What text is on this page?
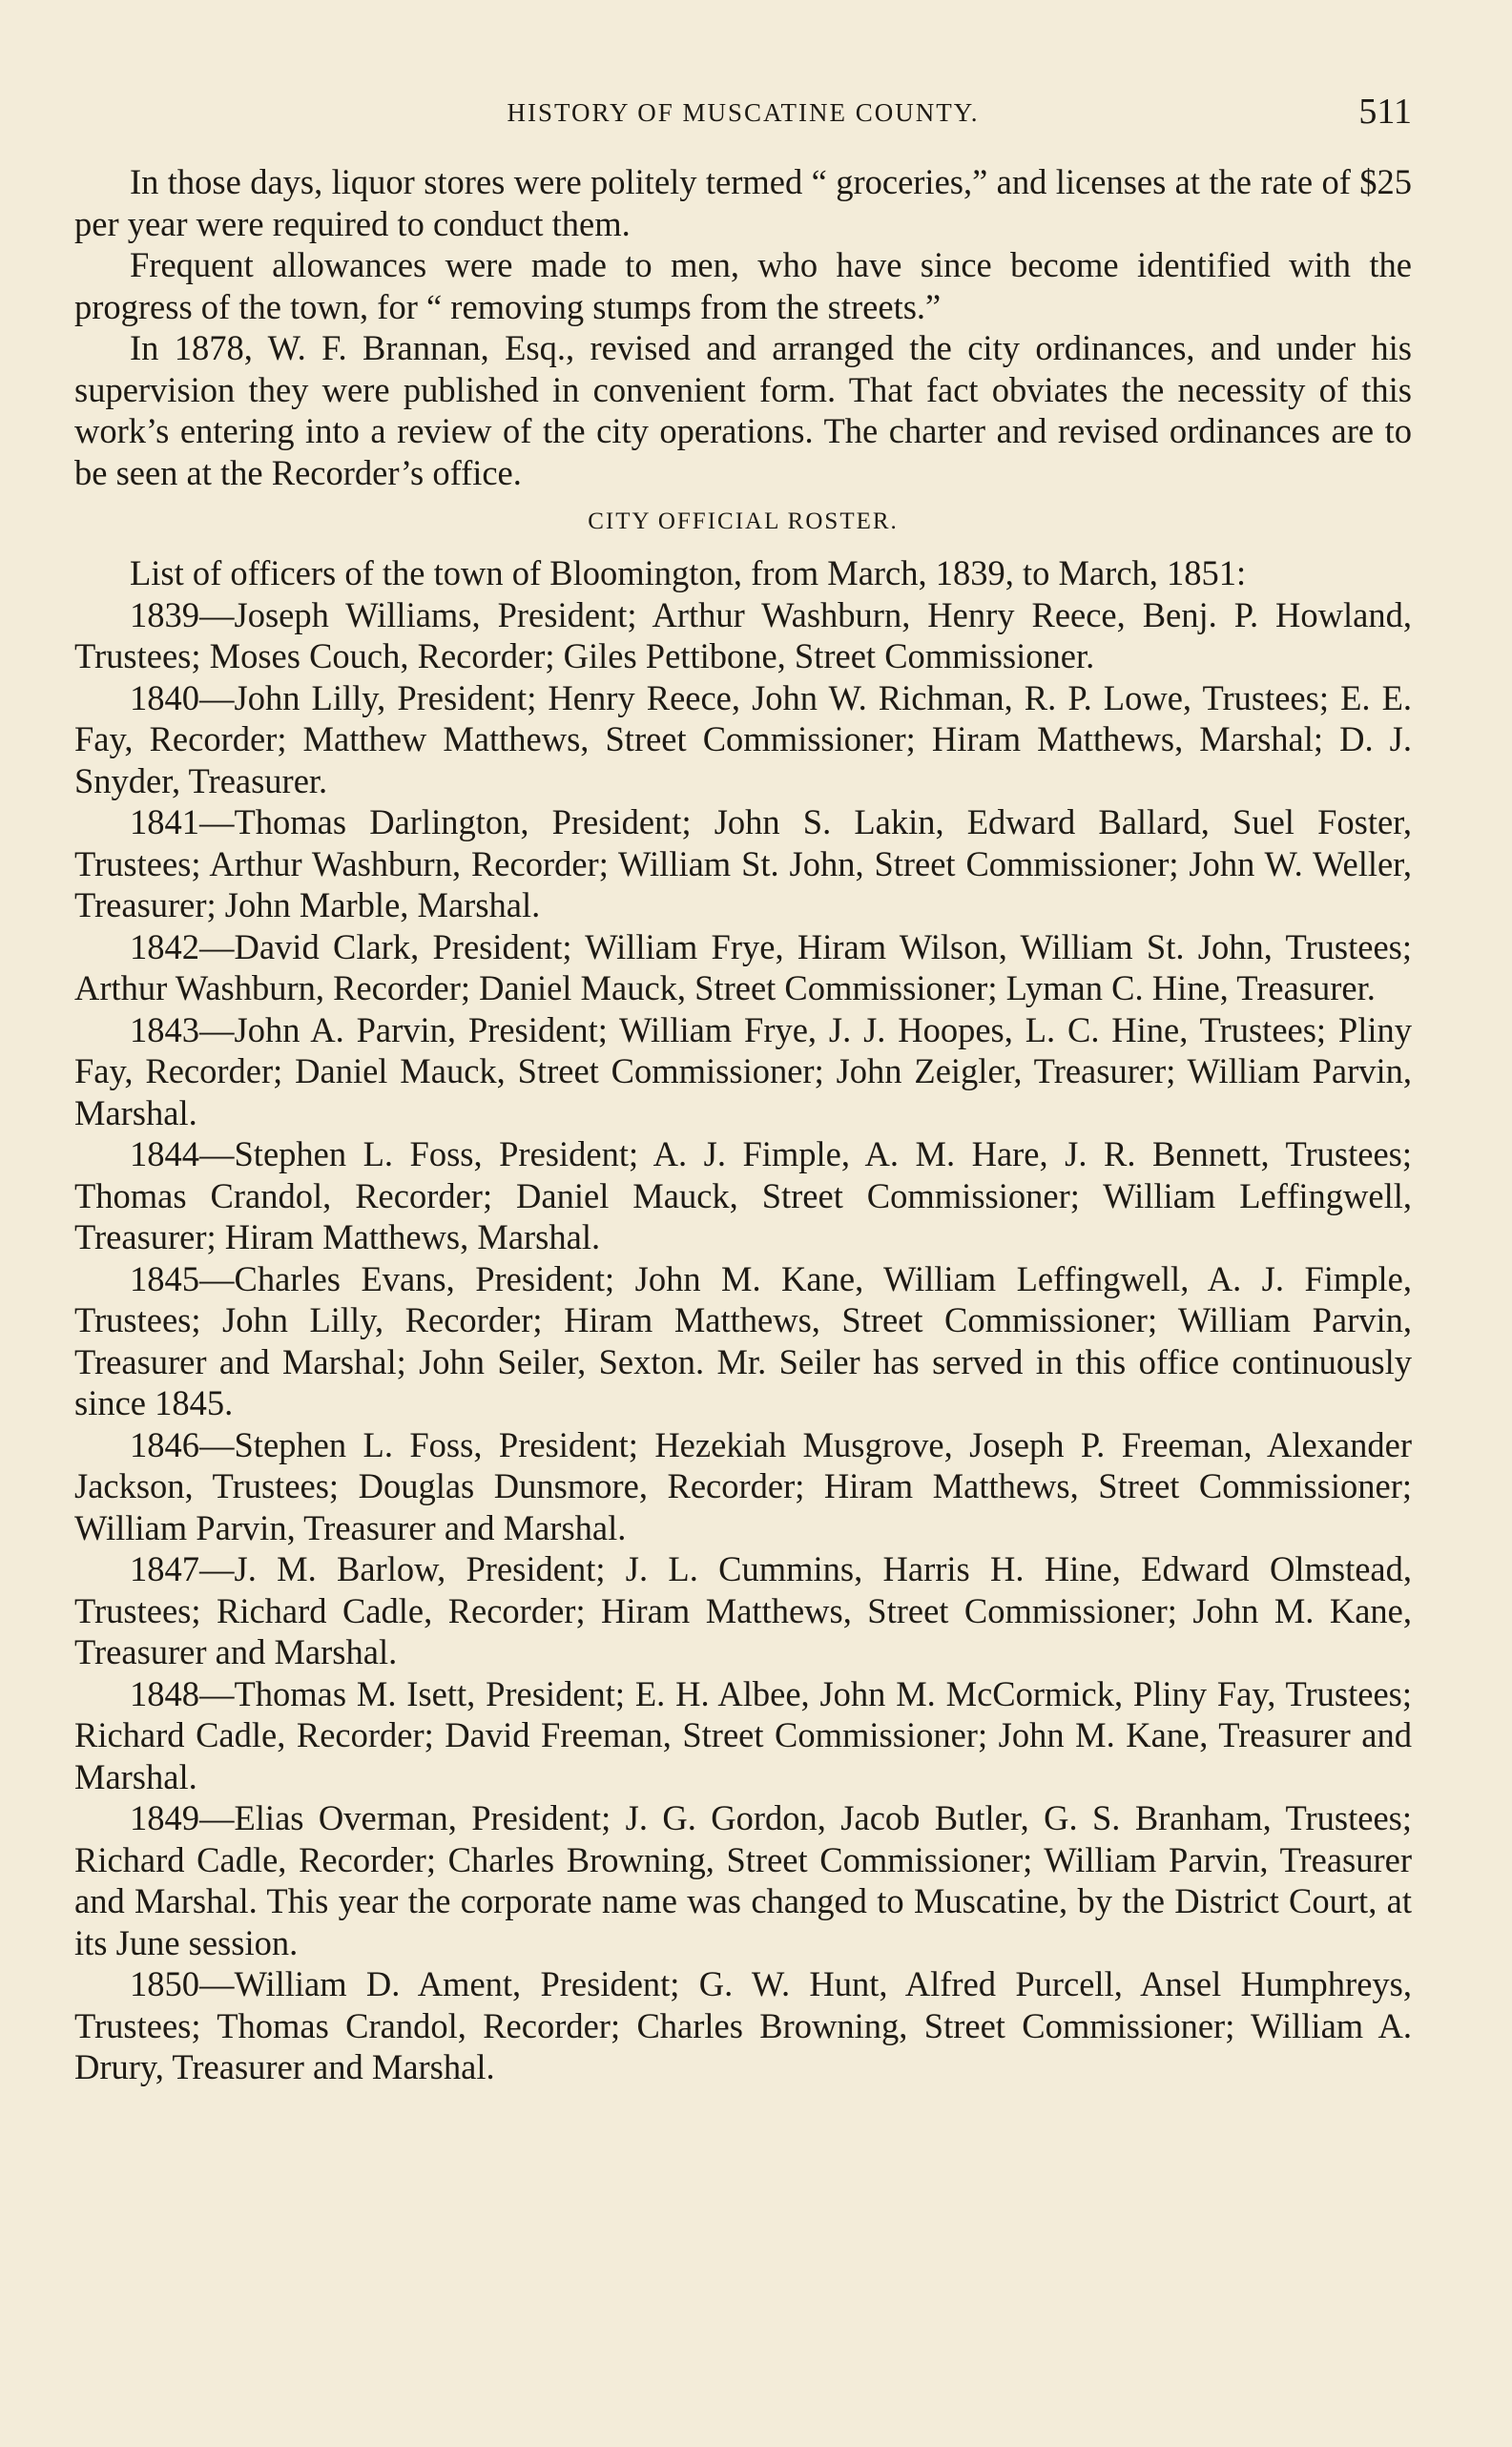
HISTORY OF MUSCATINE COUNTY.	511

In those days, liquor stores were politely termed “ groceries,” and licenses at the rate of $25 per year were required to conduct them.

Frequent allowances were made to men, who have since become identified with the progress of the town, for “ removing stumps from the streets.”

In 1878, W. F. Brannan, Esq., revised and arranged the city ordinances, and under his supervision they were published in convenient form. That fact obviates the necessity of this work’s entering into a review of the city operations. The charter and revised ordinances are to be seen at the Recorder’s office.

CITY OFFICIAL ROSTER.

List of officers of the town of Bloomington, from March, 1839, to March, 1851:

1839—Joseph Williams, President; Arthur Washburn, Henry Reece, Benj. P. Howland, Trustees; Moses Couch, Recorder; Giles Pettibone, Street Commissioner.

1840—John Lilly, President; Henry Reece, John W. Richman, R. P. Lowe, Trustees; E. E. Fay, Recorder; Matthew Matthews, Street Commissioner; Hiram Matthews, Marshal; D. J. Snyder, Treasurer.

1841—Thomas Darlington, President; John S. Lakin, Edward Ballard, Suel Foster, Trustees; Arthur Washburn, Recorder; William St. John, Street Commissioner; John W. Weller, Treasurer; John Marble, Marshal.

1842—David Clark, President; William Frye, Hiram Wilson, William St. John, Trustees; Arthur Washburn, Recorder; Daniel Mauck, Street Commissioner; Lyman C. Hine, Treasurer.

1843—John A. Parvin, President; William Frye, J. J. Hoopes, L. C. Hine, Trustees; Pliny Fay, Recorder; Daniel Mauck, Street Commissioner; John Zeigler, Treasurer; William Parvin, Marshal.

1844—Stephen L. Foss, President; A. J. Fimple, A. M. Hare, J. R. Bennett, Trustees; Thomas Crandol, Recorder; Daniel Mauck, Street Commissioner; William Leffingwell, Treasurer; Hiram Matthews, Marshal.

1845—Charles Evans, President; John M. Kane, William Leffingwell, A. J. Fimple, Trustees; John Lilly, Recorder; Hiram Matthews, Street Commissioner; William Parvin, Treasurer and Marshal; John Seiler, Sexton. Mr. Seiler has served in this office continuously since 1845.

1846—Stephen L. Foss, President; Hezekiah Musgrove, Joseph P. Freeman, Alexander Jackson, Trustees; Douglas Dunsmore, Recorder; Hiram Matthews, Street Commissioner; William Parvin, Treasurer and Marshal.

1847—J. M. Barlow, President; J. L. Cummins, Harris H. Hine, Edward Olmstead, Trustees; Richard Cadle, Recorder; Hiram Matthews, Street Commissioner; John M. Kane, Treasurer and Marshal.

1848—Thomas M. Isett, President; E. H. Albee, John M. McCormick, Pliny Fay, Trustees; Richard Cadle, Recorder; David Freeman, Street Commissioner; John M. Kane, Treasurer and Marshal.

1849—Elias Overman, President; J. G. Gordon, Jacob Butler, G. S. Branham, Trustees; Richard Cadle, Recorder; Charles Browning, Street Commissioner; William Parvin, Treasurer and Marshal. This year the corporate name was changed to Muscatine, by the District Court, at its June session.

1850—William D. Ament, President; G. W. Hunt, Alfred Purcell, Ansel Humphreys, Trustees; Thomas Crandol, Recorder; Charles Browning, Street Commissioner; William A. Drury, Treasurer and Marshal.
